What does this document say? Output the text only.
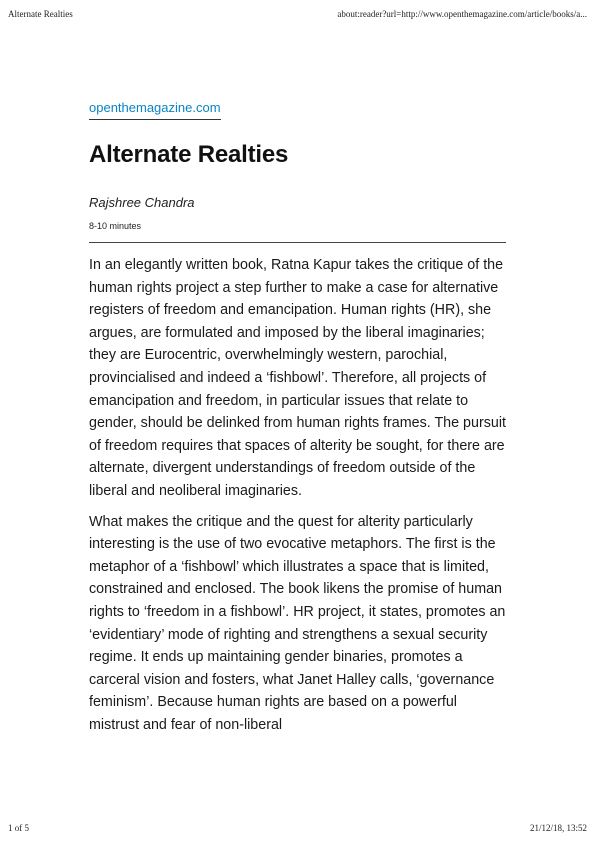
Alternate Realties	about:reader?url=http://www.openthemagazine.com/article/books/a...
openthemagazine.com
Alternate Realties
Rajshree Chandra
8-10 minutes

In an elegantly written book, Ratna Kapur takes the critique of the human rights project a step further to make a case for alternative registers of freedom and emancipation. Human rights (HR), she argues, are formulated and imposed by the liberal imaginaries; they are Eurocentric, overwhelmingly western, parochial, provincialised and indeed a ‘fishbowl’. Therefore, all projects of emancipation and freedom, in particular issues that relate to gender, should be delinked from human rights frames. The pursuit of freedom requires that spaces of alterity be sought, for there are alternate, divergent understandings of freedom outside of the liberal and neoliberal imaginaries.

What makes the critique and the quest for alterity particularly interesting is the use of two evocative metaphors. The first is the metaphor of a ‘fishbowl’ which illustrates a space that is limited, constrained and enclosed. The book likens the promise of human rights to ‘freedom in a fishbowl’. HR project, it states, promotes an ‘evidentiary’ mode of righting and strengthens a sexual security regime. It ends up maintaining gender binaries, promotes a carceral vision and fosters, what Janet Halley calls, ‘governance feminism’. Because human rights are based on a powerful mistrust and fear of non-liberal

1 of 5	21/12/18, 13:52
